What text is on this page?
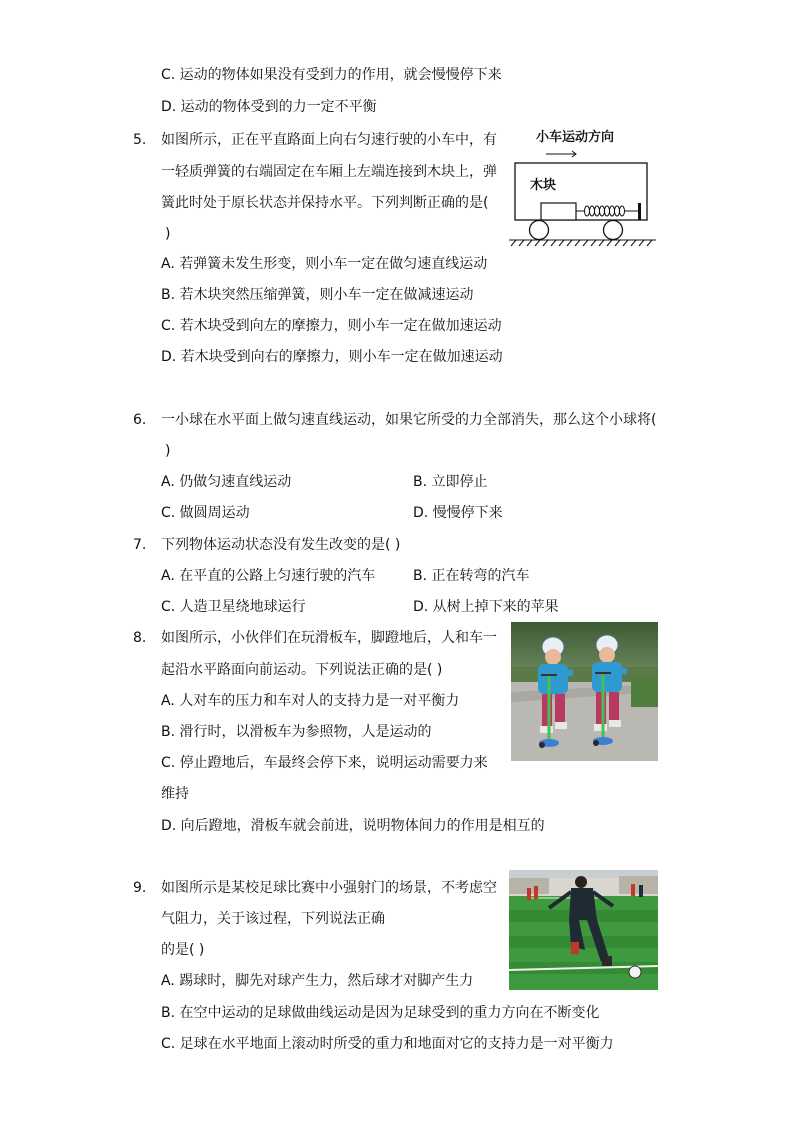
C. 运动的物体如果没有受到力的作用，就会慢慢停下来
D. 运动的物体受到的力一定不平衡
5. 如图所示，正在平直路面上向右匀速行驶的小车中，有
一轻质弹簧的右端固定在车厢上左端连接到木块上，弹
簧此时处于原长状态并保持水平。下列判断正确的是(
)
A. 若弹簧未发生形变，则小车一定在做匀速直线运动
B. 若木块突然压缩弹簧，则小车一定在做减速运动
C. 若木块受到向左的摩擦力，则小车一定在做加速运动
D. 若木块受到向右的摩擦力，则小车一定在做加速运动
小车运动方向
木块
6. 一小球在水平面上做匀速直线运动，如果它所受的力全部消失，那么这个小球将(
)
A. 仍做匀速直线运动	B. 立即停止
C. 做圆周运动	D. 慢慢停下来
7. 下列物体运动状态没有发生改变的是( )
A. 在平直的公路上匀速行驶的汽车	B. 正在转弯的汽车
C. 人造卫星绕地球运行	D. 从树上掉下来的苹果
8. 如图所示，小伙伴们在玩滑板车，脚蹬地后，人和车一
起沿水平路面向前运动。下列说法正确的是( )
A. 人对车的压力和车对人的支持力是一对平衡力
B. 滑行时，以滑板车为参照物，人是运动的
C. 停止蹬地后，车最终会停下来，说明运动需要力来
维持
D. 向后蹬地，滑板车就会前进，说明物体间力的作用是相互的
9. 如图所示是某校足球比赛中小强射门的场景，不考虑空
气阻力，关于该过程，下列说法正确
的是( )
A. 踢球时，脚先对球产生力，然后球才对脚产生力
B. 在空中运动的足球做曲线运动是因为足球受到的重力方向在不断变化
C. 足球在水平地面上滚动时所受的重力和地面对它的支持力是一对平衡力
